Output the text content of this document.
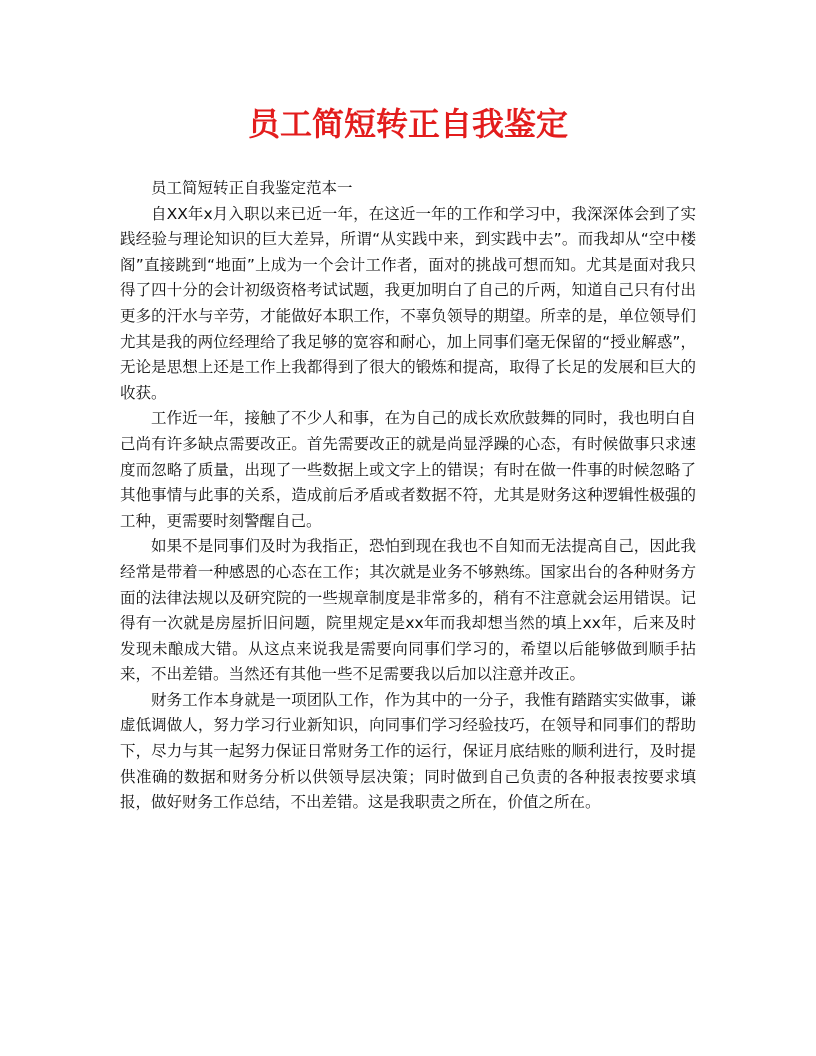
员工简短转正自我鉴定

员工简短转正自我鉴定范本一

自XX年x月入职以来已近一年，在这近一年的工作和学习中，我深深体会到了实践经验与理论知识的巨大差异，所谓“从实践中来，到实践中去”。而我却从“空中楼阁”直接跳到“地面”上成为一个会计工作者，面对的挑战可想而知。尤其是面对我只得了四十分的会计初级资格考试试题，我更加明白了自己的斤两，知道自己只有付出更多的汗水与辛劳，才能做好本职工作，不辜负领导的期望。所幸的是，单位领导们尤其是我的两位经理给了我足够的宽容和耐心，加上同事们毫无保留的“授业解惑”，无论是思想上还是工作上我都得到了很大的锻炼和提高，取得了长足的发展和巨大的收获。

工作近一年，接触了不少人和事，在为自己的成长欢欣鼓舞的同时，我也明白自己尚有许多缺点需要改正。首先需要改正的就是尚显浮躁的心态，有时候做事只求速度而忽略了质量，出现了一些数据上或文字上的错误；有时在做一件事的时候忽略了其他事情与此事的关系，造成前后矛盾或者数据不符，尤其是财务这种逻辑性极强的工种，更需要时刻警醒自己。

如果不是同事们及时为我指正，恐怕到现在我也不自知而无法提高自己，因此我经常是带着一种感恩的心态在工作；其次就是业务不够熟练。国家出台的各种财务方面的法律法规以及研究院的一些规章制度是非常多的，稍有不注意就会运用错误。记得有一次就是房屋折旧问题，院里规定是xx年而我却想当然的填上xx年，后来及时发现未酿成大错。从这点来说我是需要向同事们学习的，希望以后能够做到顺手拈来，不出差错。当然还有其他一些不足需要我以后加以注意并改正。

财务工作本身就是一项团队工作，作为其中的一分子，我惟有踏踏实实做事，谦虚低调做人，努力学习行业新知识，向同事们学习经验技巧，在领导和同事们的帮助下，尽力与其一起努力保证日常财务工作的运行，保证月底结账的顺利进行，及时提供准确的数据和财务分析以供领导层决策；同时做到自己负责的各种报表按要求填报，做好财务工作总结，不出差错。这是我职责之所在，价值之所在。
